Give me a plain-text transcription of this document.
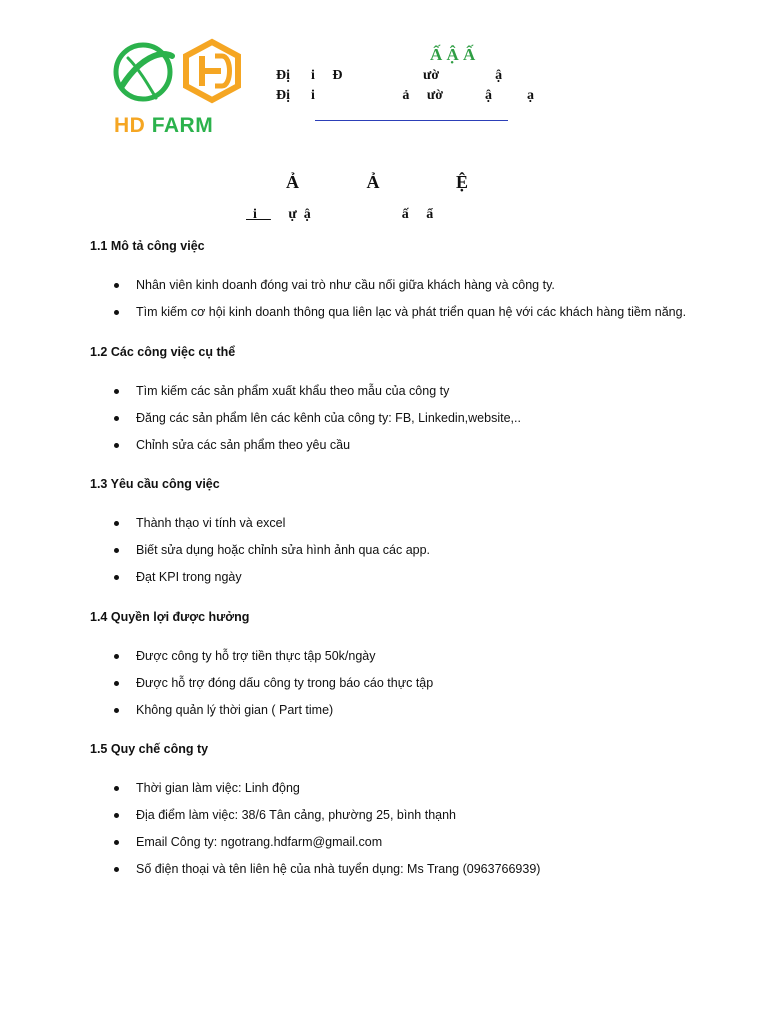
HD FARM
Ấ Ậ Ấ
Đị      i     Đ                       ườ                ậ
Đị      i                         ả     ườ            ậ          ạ
Ả               Ả                 Ệ
i         ự  ậ                          ấ     ẩ
1.1 Mô tả công việc
Nhân viên kinh doanh đóng vai trò như cầu nối giữa khách hàng và công ty.
Tìm kiếm cơ hội kinh doanh thông qua liên lạc và phát triển quan hệ với các khách hàng tiềm năng.
1.2 Các công việc cụ thể
Tìm kiếm các sản phẩm xuất khẩu theo mẫu của công ty
Đăng các sản phẩm lên các kênh của công ty: FB, Linkedin,website,..
Chỉnh sửa các sản phẩm theo yêu cầu
1.3 Yêu cầu công việc
Thành thạo vi tính và excel
Biết sửa dụng hoặc chỉnh sửa hình ảnh qua các app.
Đạt KPI trong ngày
1.4 Quyền lợi được hưởng
Được công ty hỗ trợ tiền thực tập 50k/ngày
Được hỗ trợ đóng dấu công ty trong báo cáo thực tập
Không quản lý thời gian ( Part time)
1.5 Quy chế công ty
Thời gian làm việc: Linh động
Địa điểm làm việc: 38/6 Tân cảng, phường 25, bình thạnh
Email Công ty: ngotrang.hdfarm@gmail.com
Số điện thoại và tên liên hệ của nhà tuyển dụng: Ms Trang (0963766939)
